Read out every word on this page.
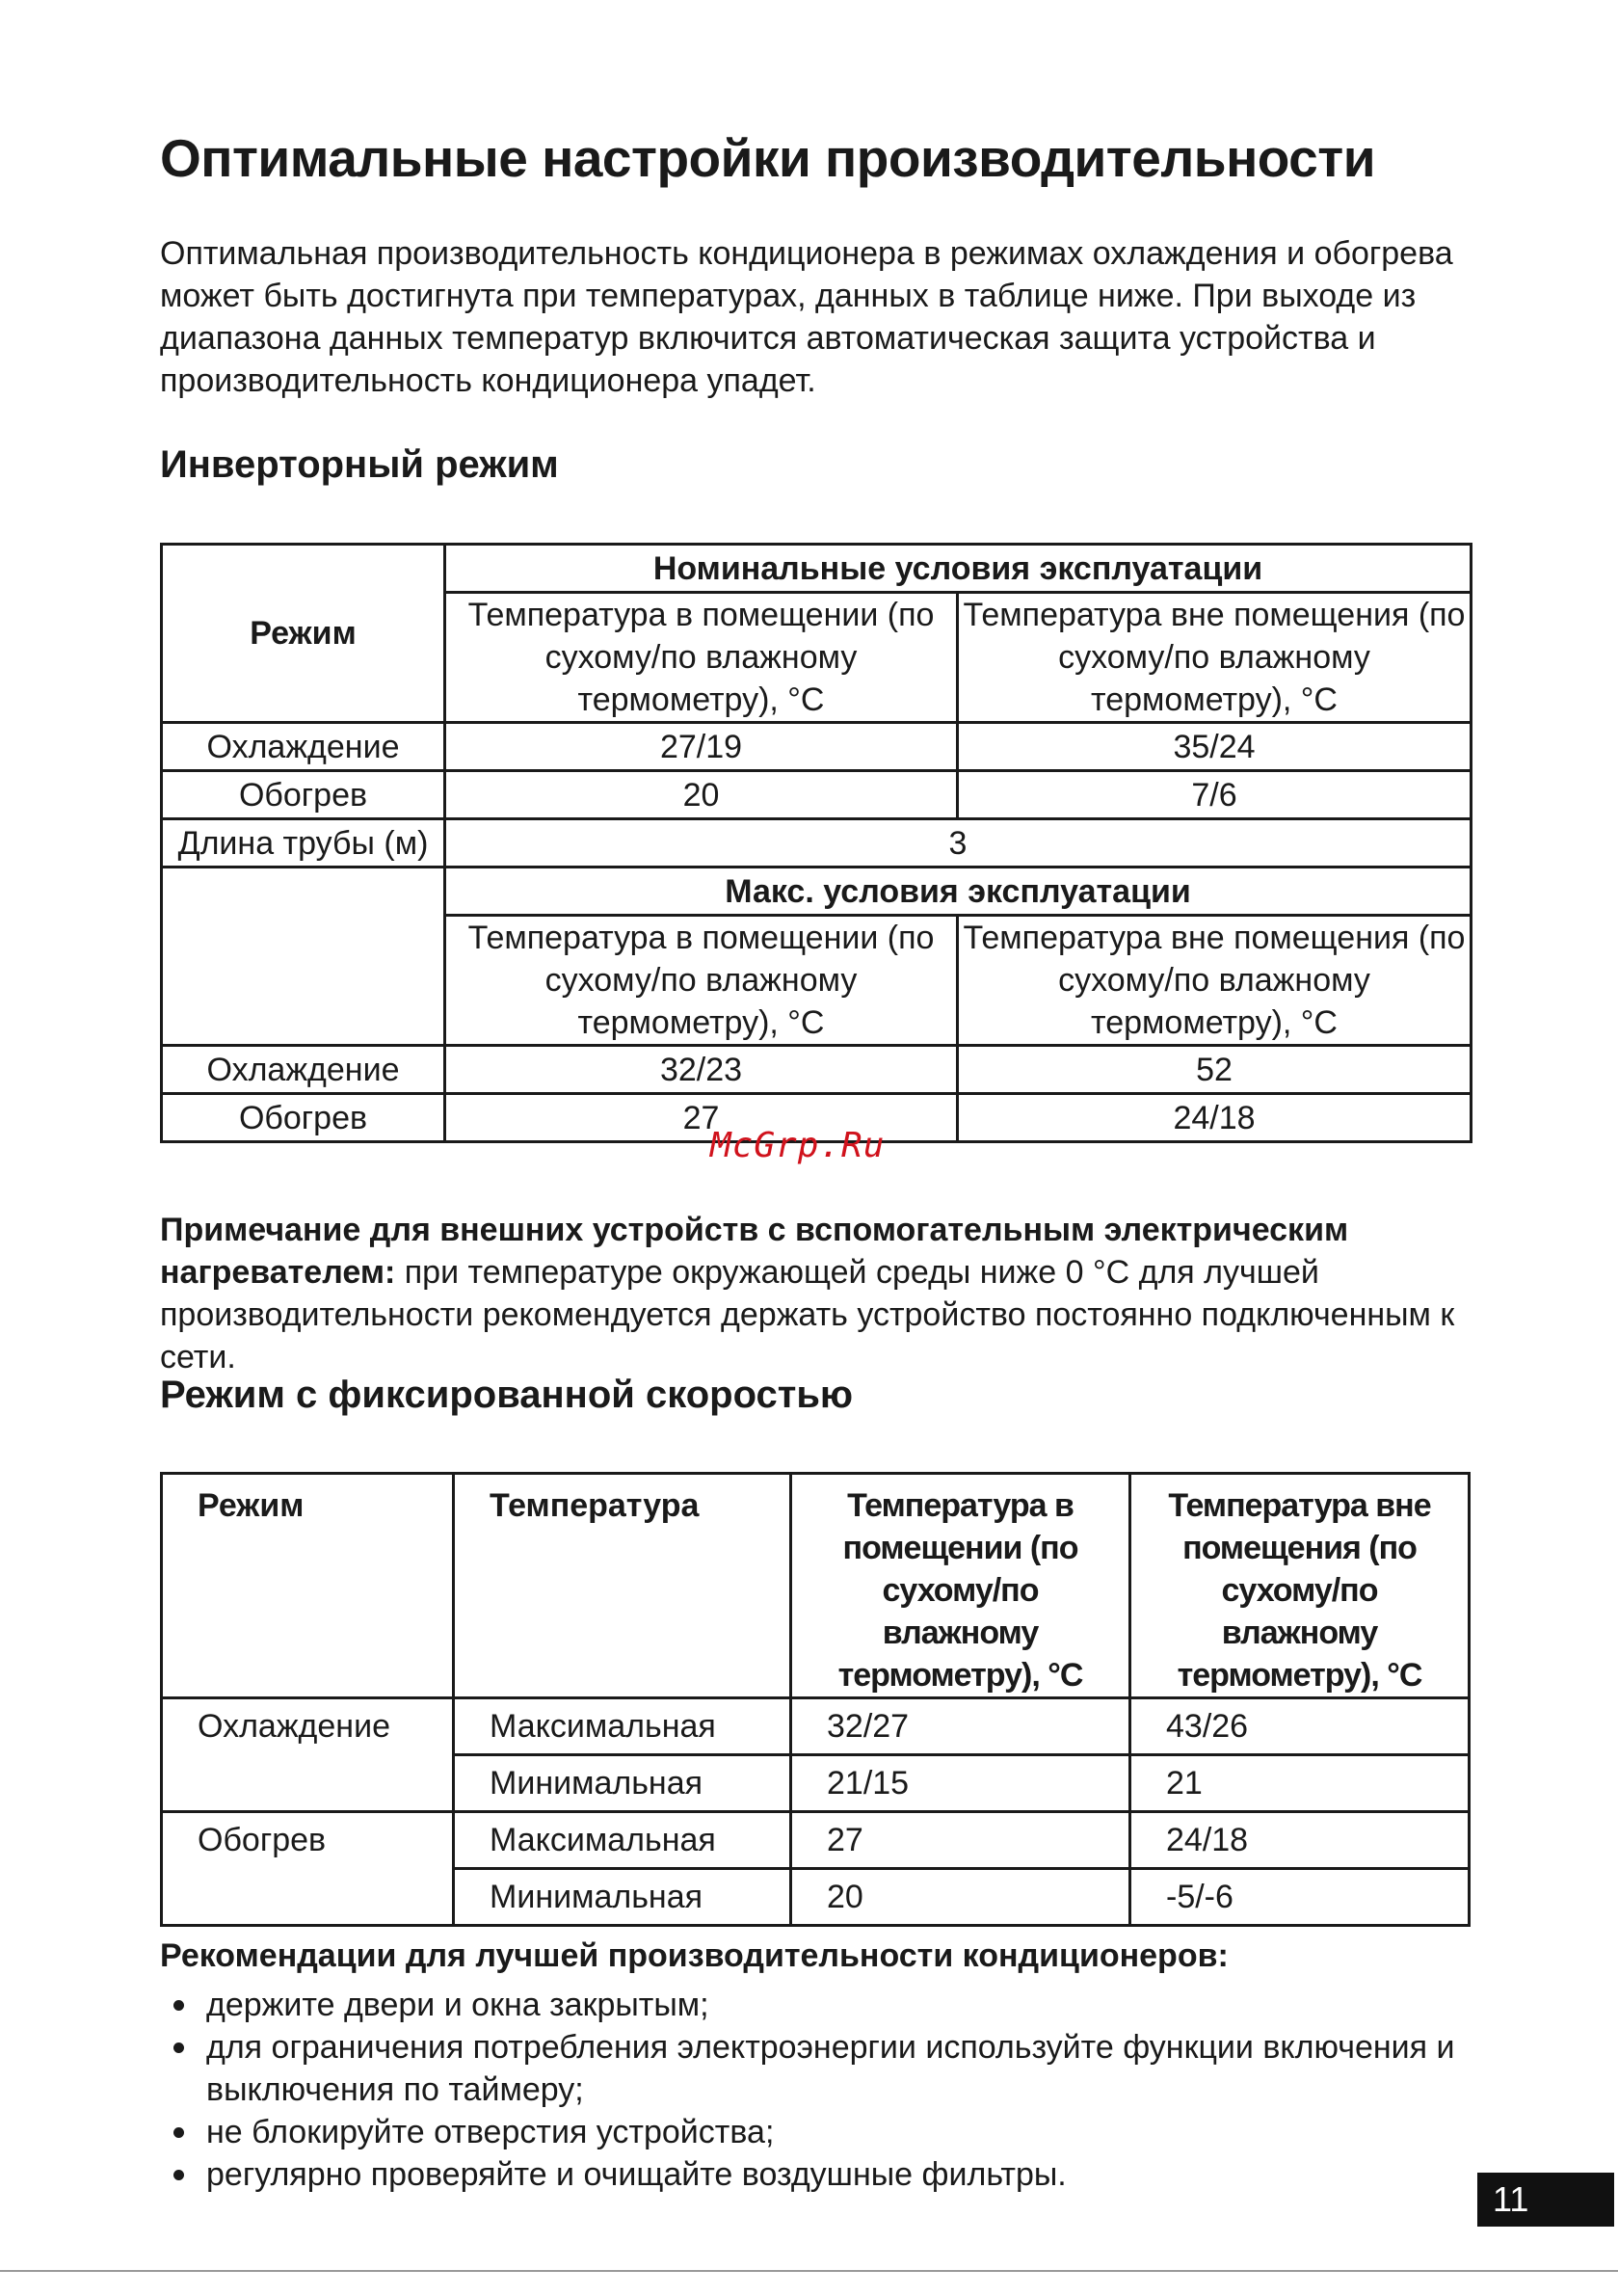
Оптимальные настройки производительности

Оптимальная производительность кондиционера в режимах охлаждения и обогрева может быть достигнута при температурах, данных в таблице ниже. При выходе из диапазона данных температур включится автоматическая защита устройства и производительность кондиционера упадет.

Инверторный режим
Режим	Номинальные условия эксплуатации	
	Температура в помещении (по сухому/по влажному термометру), °C	Температура вне помещения (по сухому/по влажному термометру), °C
Охлаждение	27/19	35/24
Обогрев	20	7/6
Длина трубы (м)	3	
	Макс. условия эксплуатации	
	Температура в помещении (по сухому/по влажному термометру), °C	Температура вне помещения (по сухому/по влажному термометру), °C
Охлаждение	32/23	52
Обогрев	27	24/18

Примечание для внешних устройств с вспомогательным электрическим нагревателем: при температуре окружающей среды ниже 0 °C для лучшей производительности рекомендуется держать устройство постоянно подключенным к сети.

Режим с фиксированной скоростью
Режим	Температура	Температура в помещении (по сухому/по влажному термометру), °C	Температура вне помещения (по сухому/по влажному термометру), °C
Охлаждение	Максимальная	32/27	43/26
	Минимальная	21/15	21
Обогрев	Максимальная	27	24/18
	Минимальная	20	-5/-6

Рекомендации для лучшей производительности кондиционеров:

держите двери и окна закрытым;
для ограничения потребления электроэнергии используйте функции включения и выключения по таймеру;
не блокируйте отверстия устройства;
регулярно проверяйте и очищайте воздушные фильтры.
McGrp.Ru
11
